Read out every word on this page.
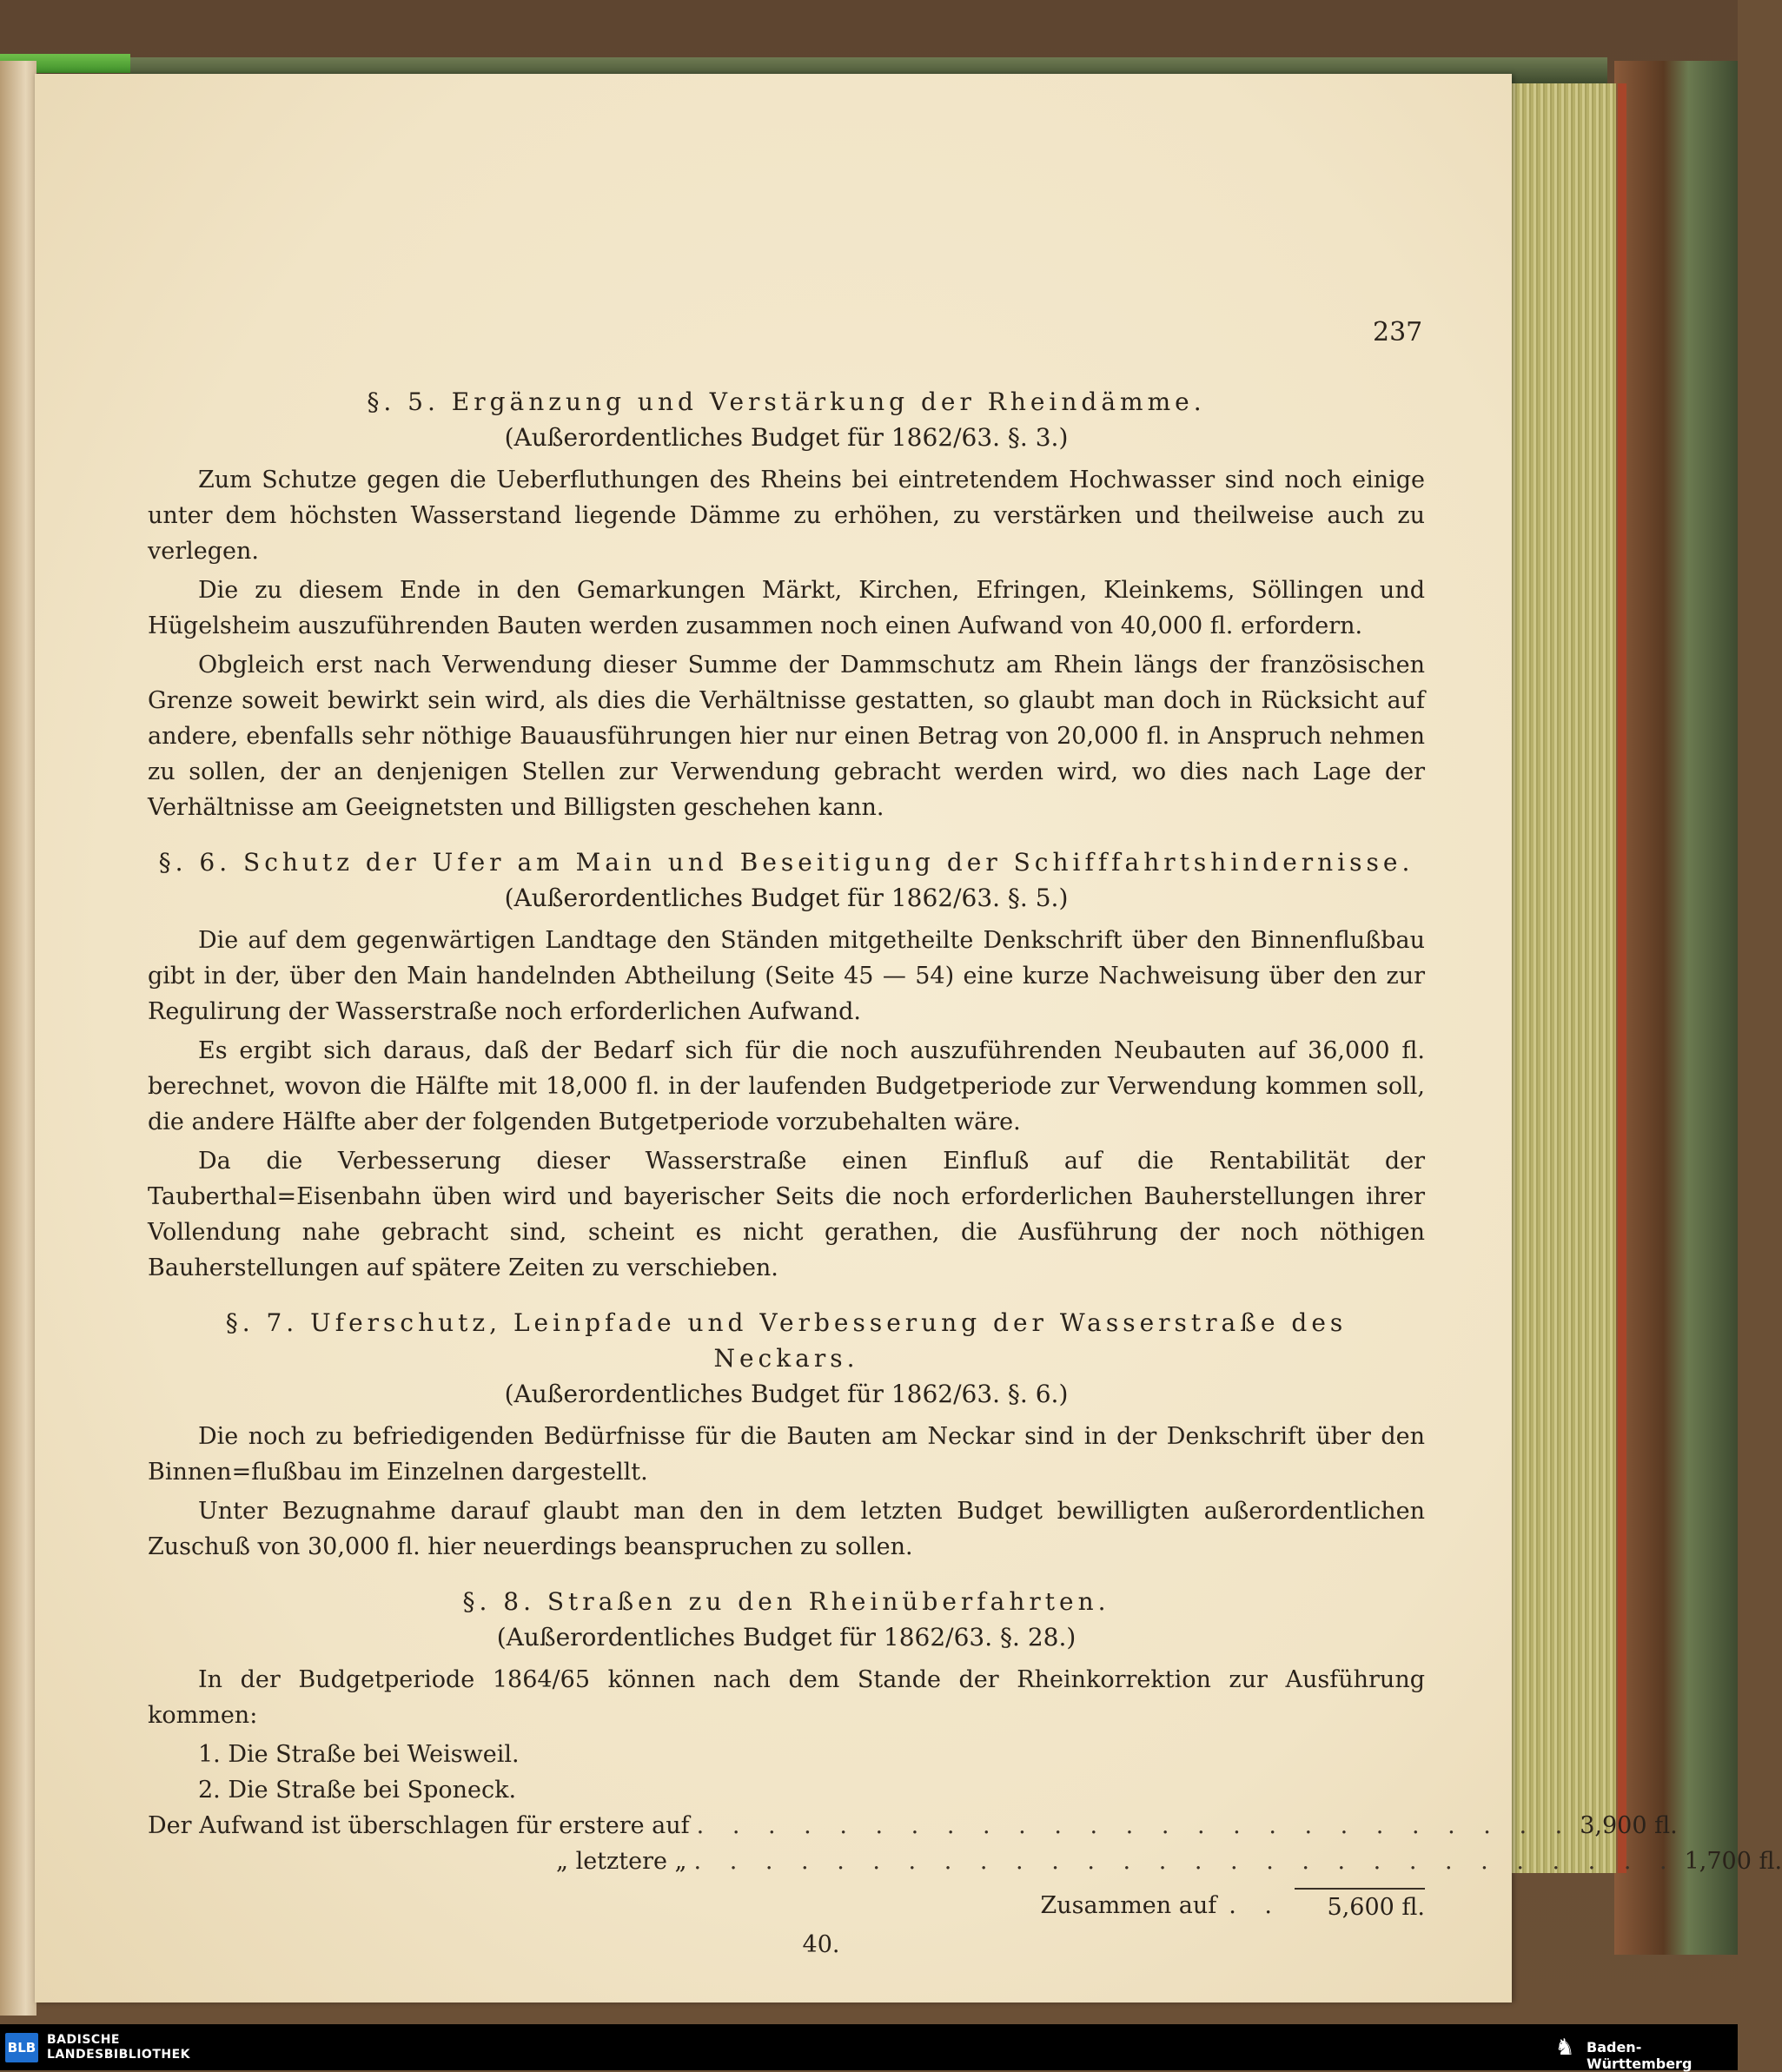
237

§. 5. Ergänzung und Verstärkung der Rheindämme.

(Außerordentliches Budget für 1862/63. §. 3.)

Zum Schutze gegen die Ueberfluthungen des Rheins bei eintretendem Hochwasser sind noch einige unter dem höchsten Wasserstand liegende Dämme zu erhöhen, zu verstärken und theilweise auch zu verlegen.

Die zu diesem Ende in den Gemarkungen Märkt, Kirchen, Efringen, Kleinkems, Söllingen und Hügelsheim auszuführenden Bauten werden zusammen noch einen Aufwand von 40,000 fl. erfordern.

Obgleich erst nach Verwendung dieser Summe der Dammschutz am Rhein längs der französischen Grenze soweit bewirkt sein wird, als dies die Verhältnisse gestatten, so glaubt man doch in Rücksicht auf andere, ebenfalls sehr nöthige Bauausführungen hier nur einen Betrag von 20,000 fl. in Anspruch nehmen zu sollen, der an denjenigen Stellen zur Verwendung gebracht werden wird, wo dies nach Lage der Verhältnisse am Geeignetsten und Billigsten geschehen kann.

§. 6. Schutz der Ufer am Main und Beseitigung der Schifffahrtshindernisse.

(Außerordentliches Budget für 1862/63. §. 5.)

Die auf dem gegenwärtigen Landtage den Ständen mitgetheilte Denkschrift über den Binnenflußbau gibt in der, über den Main handelnden Abtheilung (Seite 45 — 54) eine kurze Nachweisung über den zur Regulirung der Wasserstraße noch erforderlichen Aufwand.

Es ergibt sich daraus, daß der Bedarf sich für die noch auszuführenden Neubauten auf 36,000 fl. berechnet, wovon die Hälfte mit 18,000 fl. in der laufenden Budgetperiode zur Verwendung kommen soll, die andere Hälfte aber der folgenden Butgetperiode vorzubehalten wäre.

Da die Verbesserung dieser Wasserstraße einen Einfluß auf die Rentabilität der Tauberthal=Eisenbahn üben wird und bayerischer Seits die noch erforderlichen Bauherstellungen ihrer Vollendung nahe gebracht sind, scheint es nicht gerathen, die Ausführung der noch nöthigen Bauherstellungen auf spätere Zeiten zu verschieben.

§. 7. Uferschutz, Leinpfade und Verbesserung der Wasserstraße des Neckars.

(Außerordentliches Budget für 1862/63. §. 6.)

Die noch zu befriedigenden Bedürfnisse für die Bauten am Neckar sind in der Denkschrift über den Binnen=flußbau im Einzelnen dargestellt.

Unter Bezugnahme darauf glaubt man den in dem letzten Budget bewilligten außerordentlichen Zuschuß von 30,000 fl. hier neuerdings beanspruchen zu sollen.

§. 8. Straßen zu den Rheinüberfahrten.

(Außerordentliches Budget für 1862/63. §. 28.)

In der Budgetperiode 1864/65 können nach dem Stande der Rheinkorrektion zur Ausführung kommen:

1. Die Straße bei Weisweil.

2. Die Straße bei Sponeck.

Der Aufwand ist überschlagen für erstere auf . . . . . . . . . . . . . . . . . . . . . . . . . 3,900 fl.
„ letztere „ . . . . . . . . . . . . . . . . . . . . . . . . . . . . 1,700 fl.
Zusammen auf . .	5,600 fl.
40.
BLB BADISCHE
LANDESBIBLIOTHEK	♞ Baden-Württemberg
